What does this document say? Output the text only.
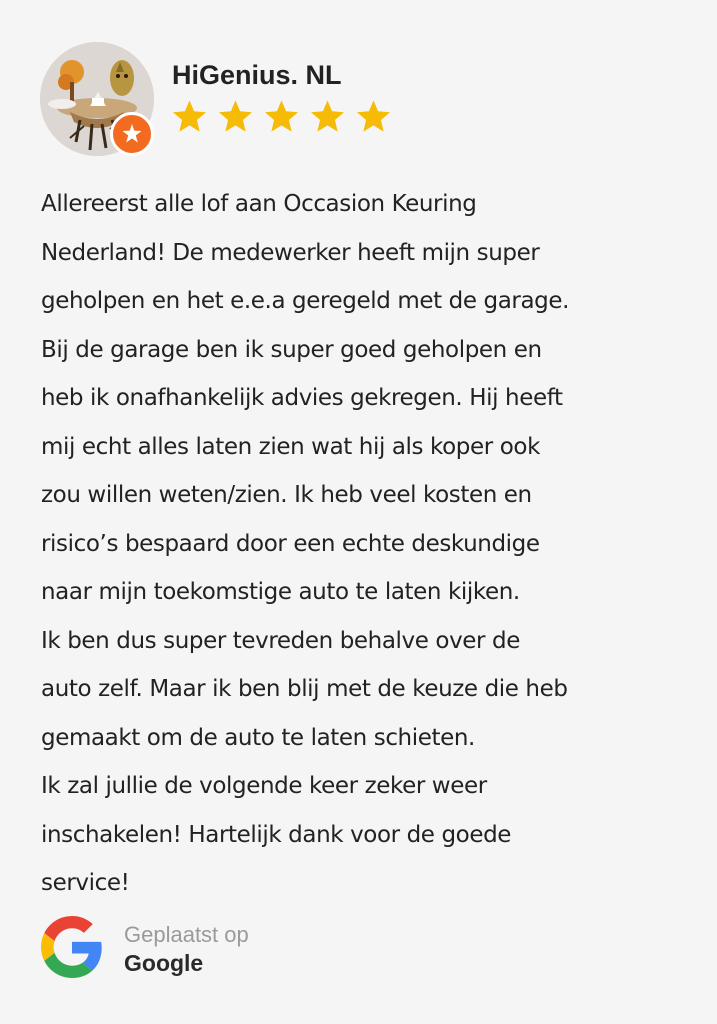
HiGenius. NL

Allereerst alle lof aan Occasion Keuring
Nederland! De medewerker heeft mijn super
geholpen en het e.e.a geregeld met de garage.
Bij de garage ben ik super goed geholpen en
heb ik onafhankelijk advies gekregen. Hij heeft
mij echt alles laten zien wat hij als koper ook
zou willen weten/zien. Ik heb veel kosten en
risico’s bespaard door een echte deskundige
naar mijn toekomstige auto te laten kijken.
Ik ben dus super tevreden behalve over de
auto zelf. Maar ik ben blij met de keuze die heb
gemaakt om de auto te laten schieten.
Ik zal jullie de volgende keer zeker weer
inschakelen! Hartelijk dank voor de goede
service!

Geplaatst op
Google
